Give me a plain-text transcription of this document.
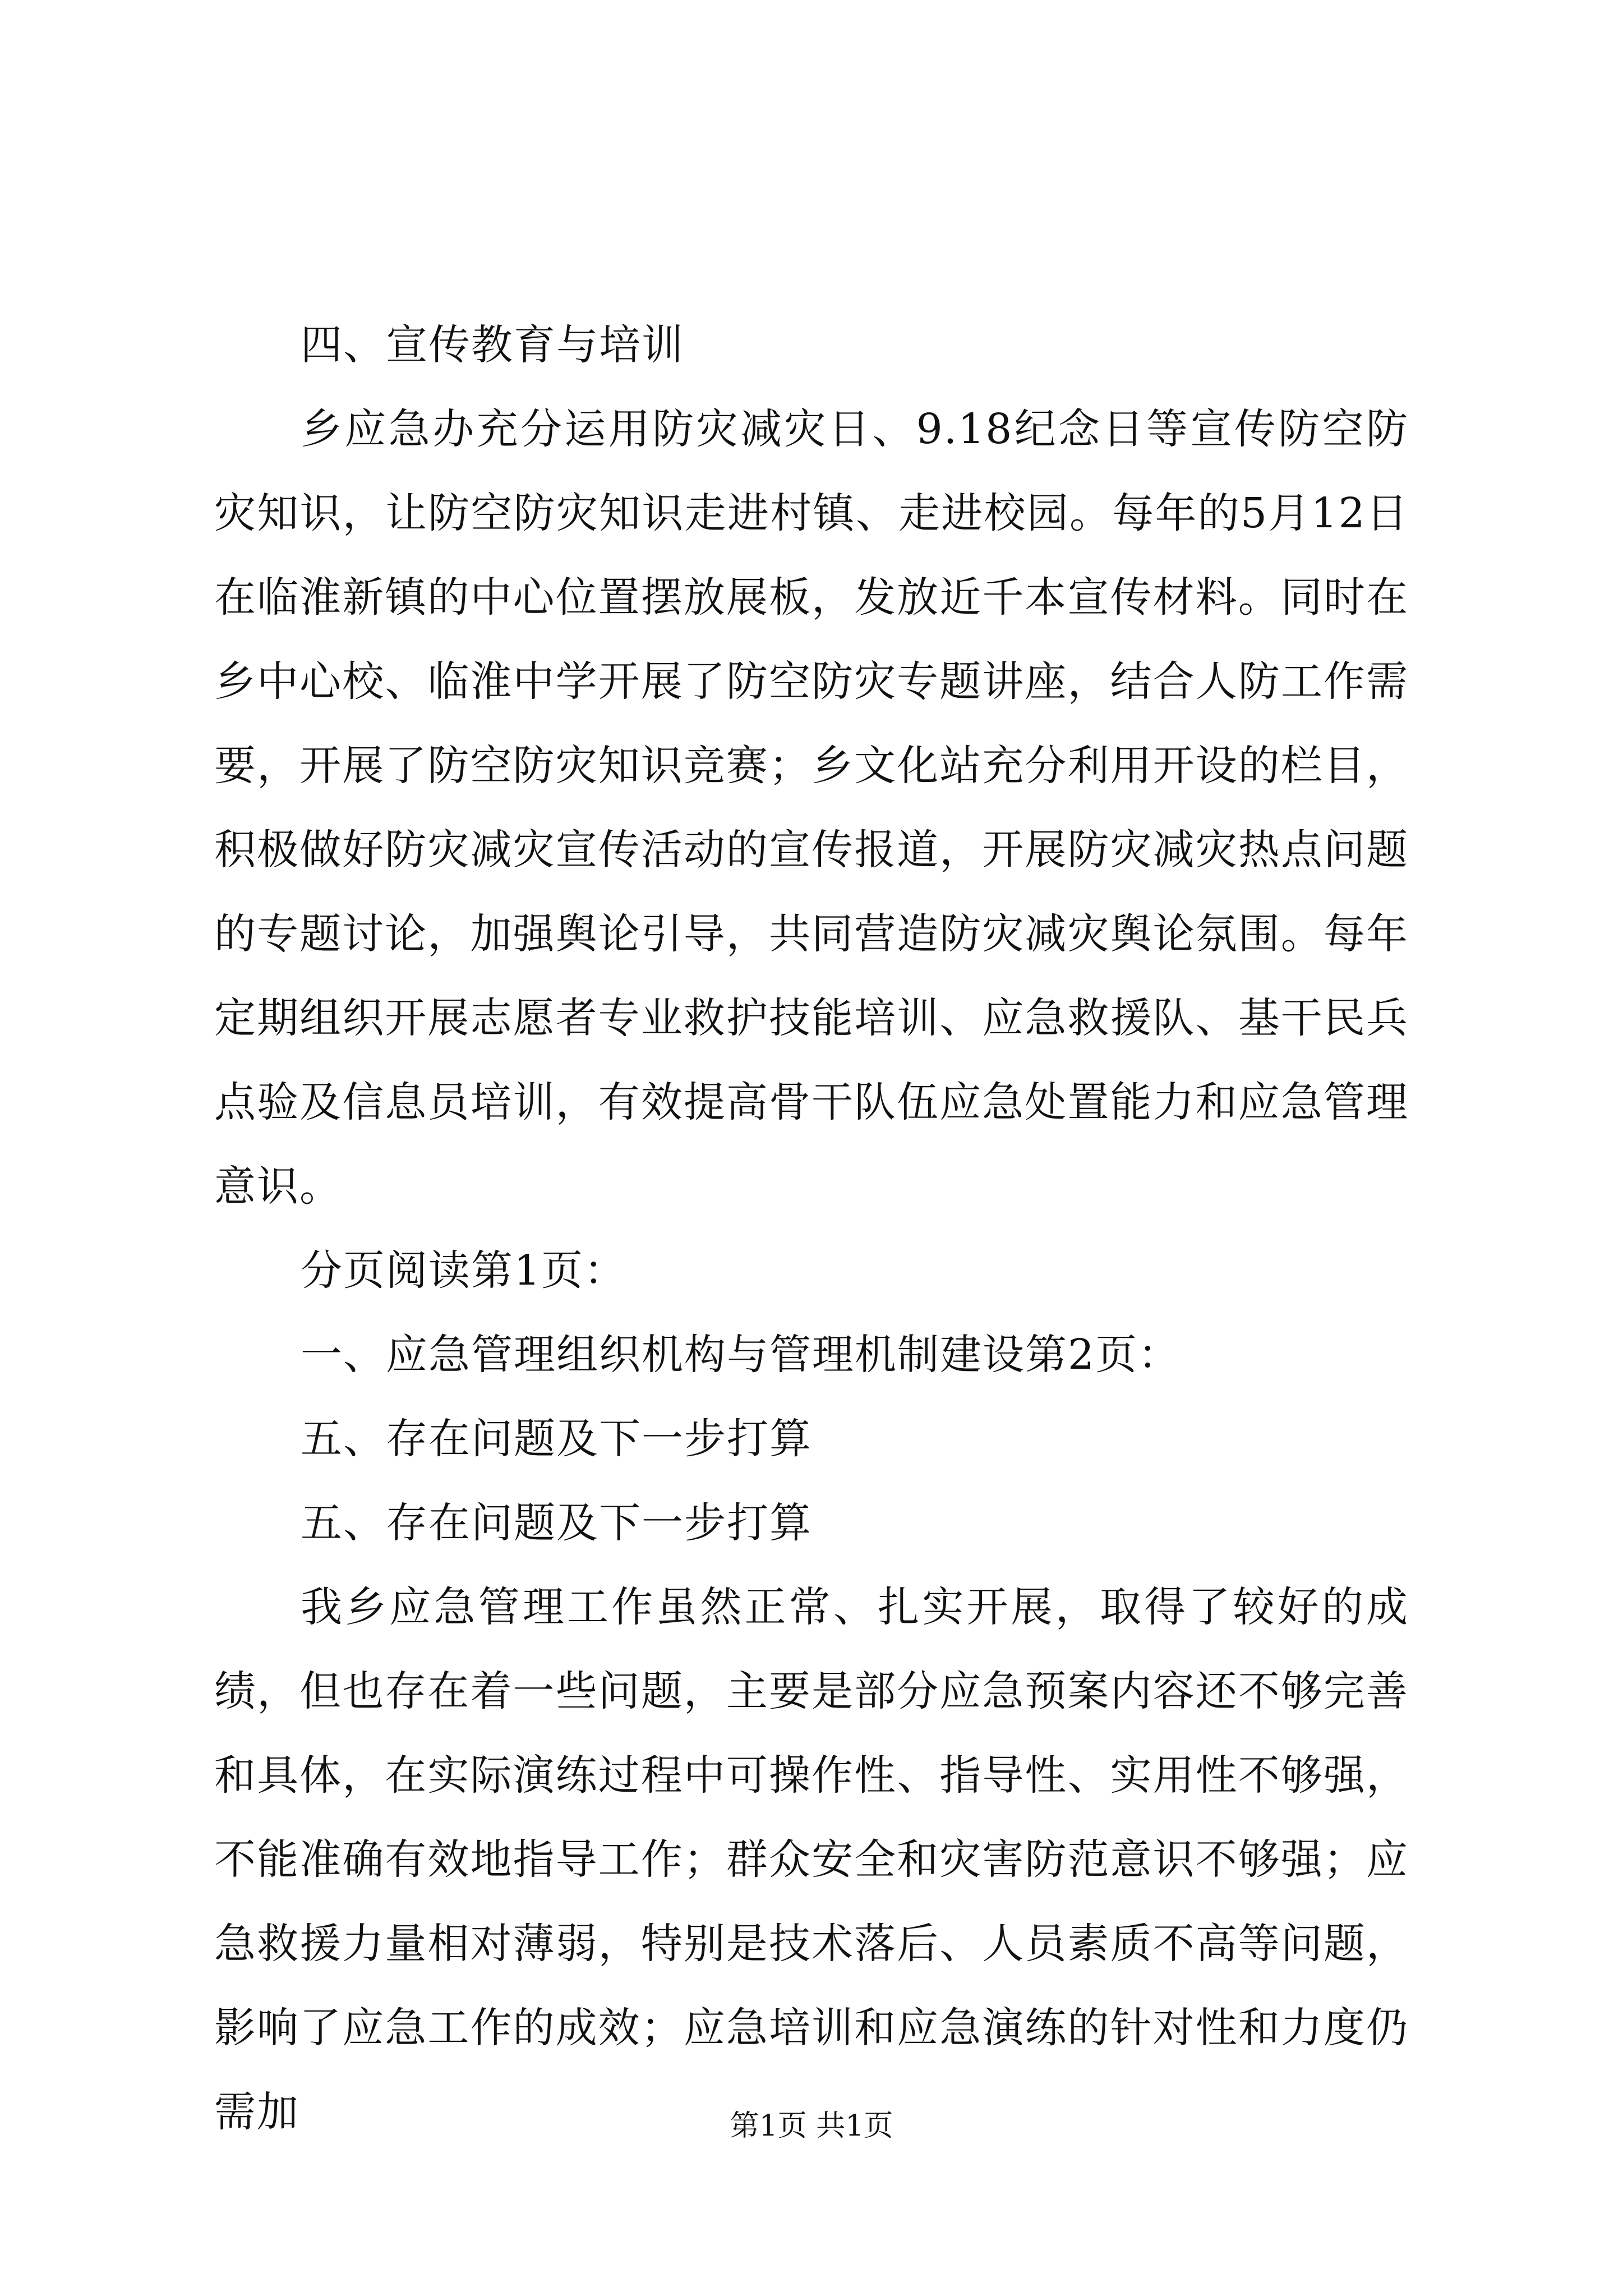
四、宣传教育与培训

乡应急办充分运用防灾减灾日、9.18纪念日等宣传防空防灾知识，让防空防灾知识走进村镇、走进校园。每年的5月12日在临淮新镇的中心位置摆放展板，发放近千本宣传材料。同时在乡中心校、临淮中学开展了防空防灾专题讲座，结合人防工作需要，开展了防空防灾知识竞赛；乡文化站充分利用开设的栏目，积极做好防灾减灾宣传活动的宣传报道，开展防灾减灾热点问题的专题讨论，加强舆论引导，共同营造防灾减灾舆论氛围。每年定期组织开展志愿者专业救护技能培训、应急救援队、基干民兵点验及信息员培训，有效提高骨干队伍应急处置能力和应急管理意识。

分页阅读第1页：

一、应急管理组织机构与管理机制建设第2页：

五、存在问题及下一步打算

五、存在问题及下一步打算

我乡应急管理工作虽然正常、扎实开展，取得了较好的成绩，但也存在着一些问题，主要是部分应急预案内容还不够完善和具体，在实际演练过程中可操作性、指导性、实用性不够强，不能准确有效地指导工作；群众安全和灾害防范意识不够强；应急救援力量相对薄弱，特别是技术落后、人员素质不高等问题，影响了应急工作的成效；应急培训和应急演练的针对性和力度仍需加	第1页 共1页
